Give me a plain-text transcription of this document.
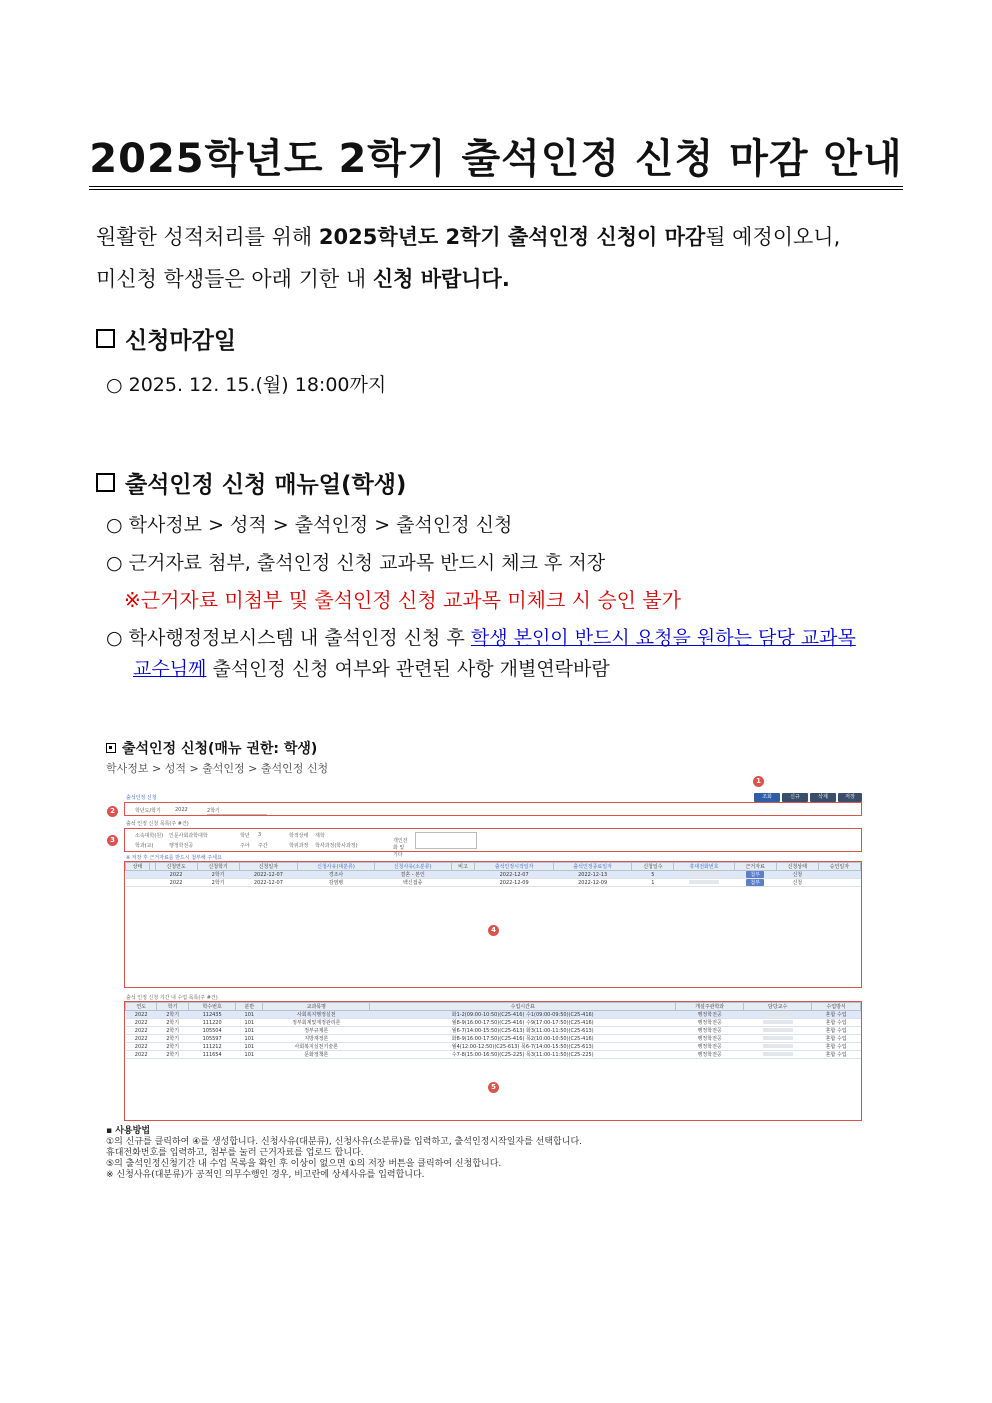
2025학년도 2학기 출석인정 신청 마감 안내
원활한 성적처리를 위해 2025학년도 2학기 출석인정 신청이 마감될 예정이오니,
미신청 학생들은 아래 기한 내 신청 바랍니다.
신청마감일
○ 2025. 12. 15.(월) 18:00까지
출석인정 신청 매뉴얼(학생)
○ 학사정보 > 성적 > 출석인정 > 출석인정 신청
○ 근거자료 첨부, 출석인정 신청 교과목 반드시 체크 후 저장
※근거자료 미첨부 및 출석인정 신청 교과목 미체크 시 승인 불가
○ 학사행정정보시스템 내 출석인정 신청 후 학생 본인이 반드시 요청을 원하는 담당 교과목
교수님께 출석인정 신청 여부와 관련된 사항 개별연락바람
출석인정 신청(매뉴 권한: 학생)
학사정보 > 성적 > 출석인정 > 출석인정 신청
1
출석인정 신청	조회	신규	삭제	저장
학년도/학기	2022	2학기
2
출석 인정 신청 목록(주 #건)
소속대학(원) 인문사회과학대학	학년 3	학적상태 재학
학과(교)	행정학전공	주야 주간	학위과정 학사과정(학사과정)
개인전화 및 기타
3
※ 저장 후 근거자료를 반드시 첨부해 주세요
상태		신청연도	신청학기	신청일자	신청사유(대분류)	신청사유(소분류)	비고	출석인정시작일자	출석인정종료일자	신청일수	휴대전화번호	근거자료	신청상태	승인일자
		2022	2학기	2022-12-07	경조사	결혼 - 본인		2022-12-07	2022-12-13	5		첨부	신청	
		2022	2학기	2022-12-07	감염병	백신접종		2022-12-09	2022-12-09	1		첨부	신청	
4
출석 인정 신청 기간 내 수업 목록(주 #건)
연도	학기	학수번호	분반	교과목명	수업시간표	개설주관학과	담당교수	수업방식
2022	2학기	112435	101	사회복지행정실천	화1-2(09:00-10:50)(C25-416) 수1(09:00-09:50)(C25-416)	행정학전공		혼합 수업
2022	2학기	111220	101	정부회계및재정관리론	월8-9(16:00-17:50)(C25-416) 수9(17:00-17:50)(C25-416)	행정학전공		혼합 수업
2022	2학기	105504	101	정부규제론	월6-7(14:00-15:50)(C25-613) 화3(11:00-11:50)(C25-613)	행정학전공		혼합 수업
2022	2학기	105597	101	지방재정론	화8-9(16:00-17:50)(C25-416) 목2(10:00-10:50)(C25-416)	행정학전공		혼합 수업
2022	2학기	111212	101	사회복지실천기술론	월4(12:00-12:50)(C25-613) 목6-7(14:00-15:50)(C25-613)	행정학전공		혼합 수업
2022	2학기	111654	101	문화정책론	수7-8(15:00-16:50)(C25-225) 목3(11:00-11:50)(C25-225)	행정학전공		혼합 수업
5
▪ 사용방법
①의 신규를 클릭하여 ④를 생성합니다. 신청사유(대분류), 신청사유(소분류)를 입력하고, 출석인정시작일자를 선택합니다.
휴대전화번호를 입력하고, 첨부를 눌러 근거자료를 업로드 합니다.
⑤의 출석인정신청기간 내 수업 목록을 확인 후 이상이 없으면 ①의 저장 버튼을 클릭하여 신청합니다.
※ 신청사유(대분류)가 공적인 의무수행인 경우, 비고란에 상세사유를 입력합니다.
